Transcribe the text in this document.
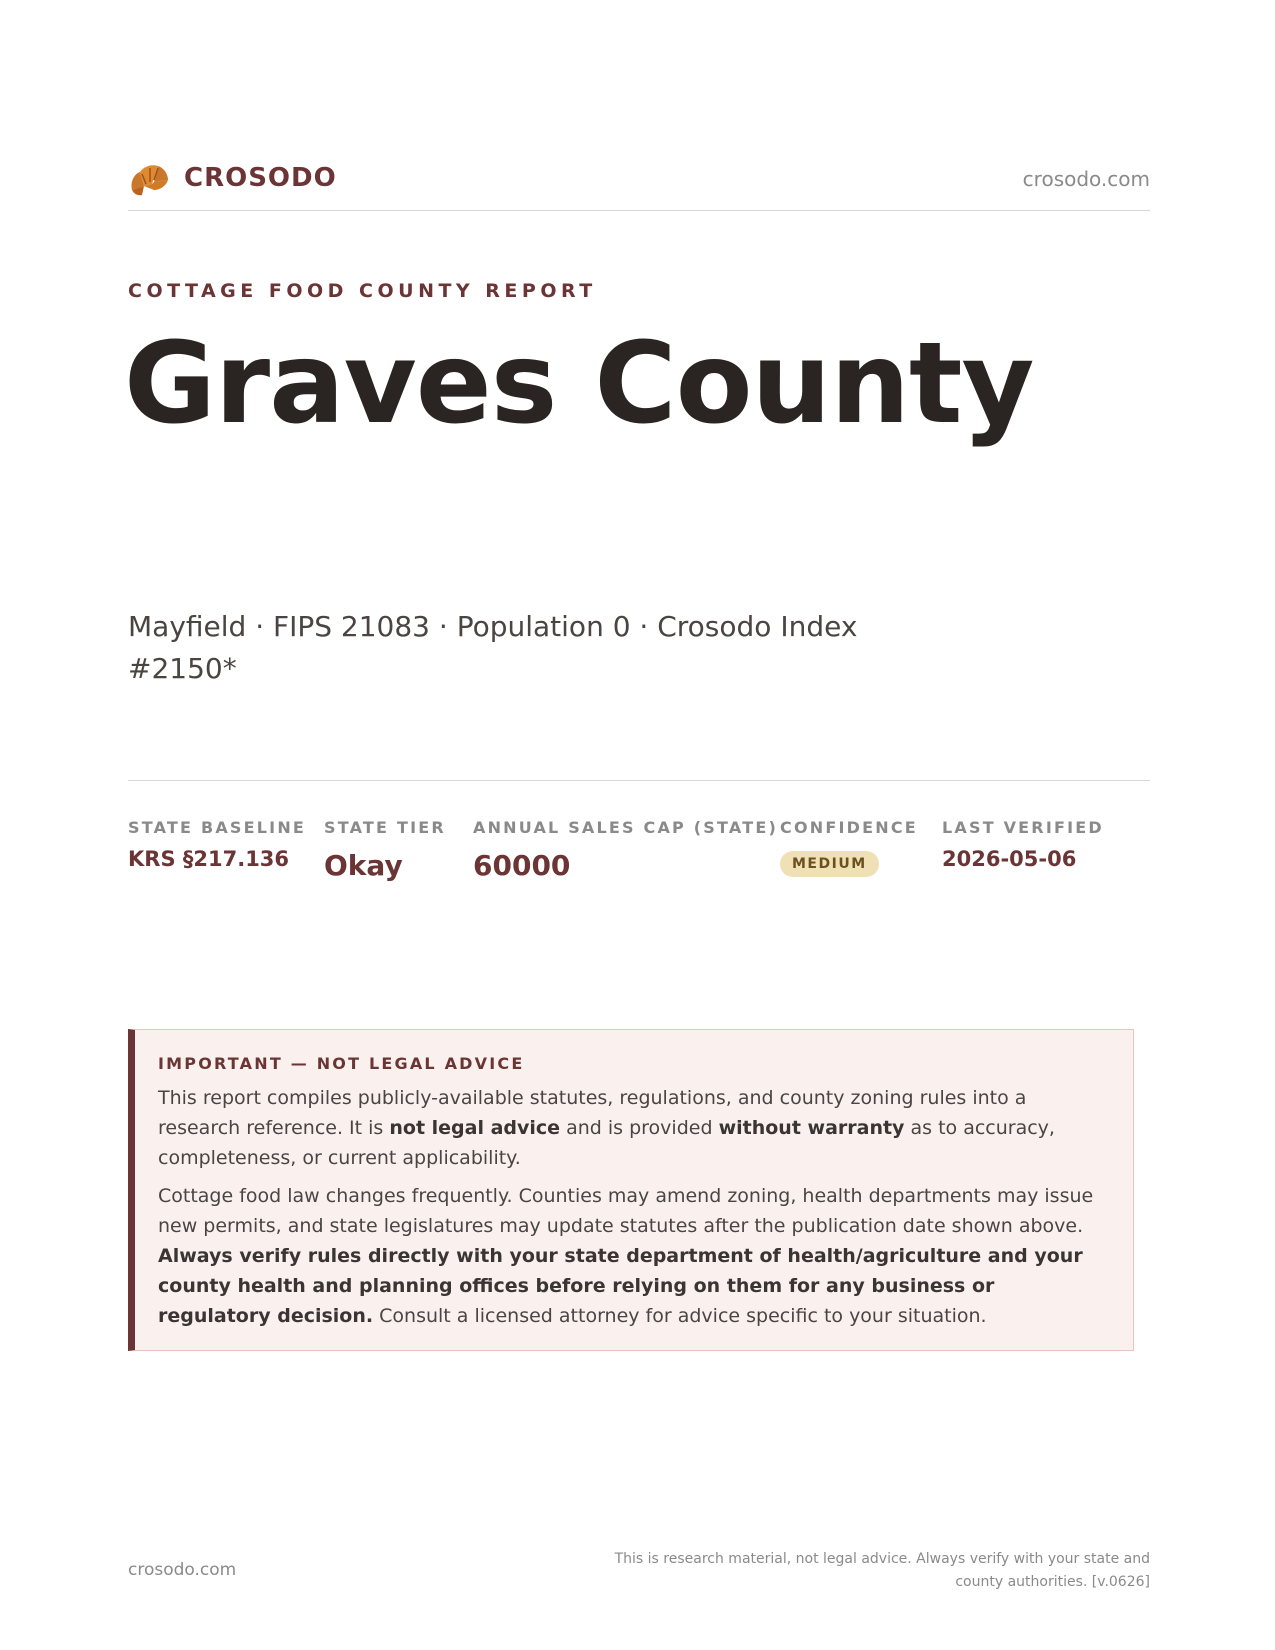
CROSODO	crosodo.com
COTTAGE FOOD COUNTY REPORT
Graves County
Mayfield · FIPS 21083 · Population 0 · Crosodo Index #2150*
STATE BASELINE
KRS §217.136
STATE TIER
Okay
ANNUAL SALES CAP (STATE)
60000
CONFIDENCE
MEDIUM
LAST VERIFIED
2026-05-06
IMPORTANT — NOT LEGAL ADVICE

This report compiles publicly-available statutes, regulations, and county zoning rules into a research reference. It is not legal advice and is provided without warranty as to accuracy, completeness, or current applicability.

Cottage food law changes frequently. Counties may amend zoning, health departments may issue new permits, and state legislatures may update statutes after the publication date shown above. Always verify rules directly with your state department of health/agriculture and your county health and planning offices before relying on them for any business or regulatory decision. Consult a licensed attorney for advice specific to your situation.

crosodo.com
This is research material, not legal advice. Always verify with your state and county authorities. [v.0626]
